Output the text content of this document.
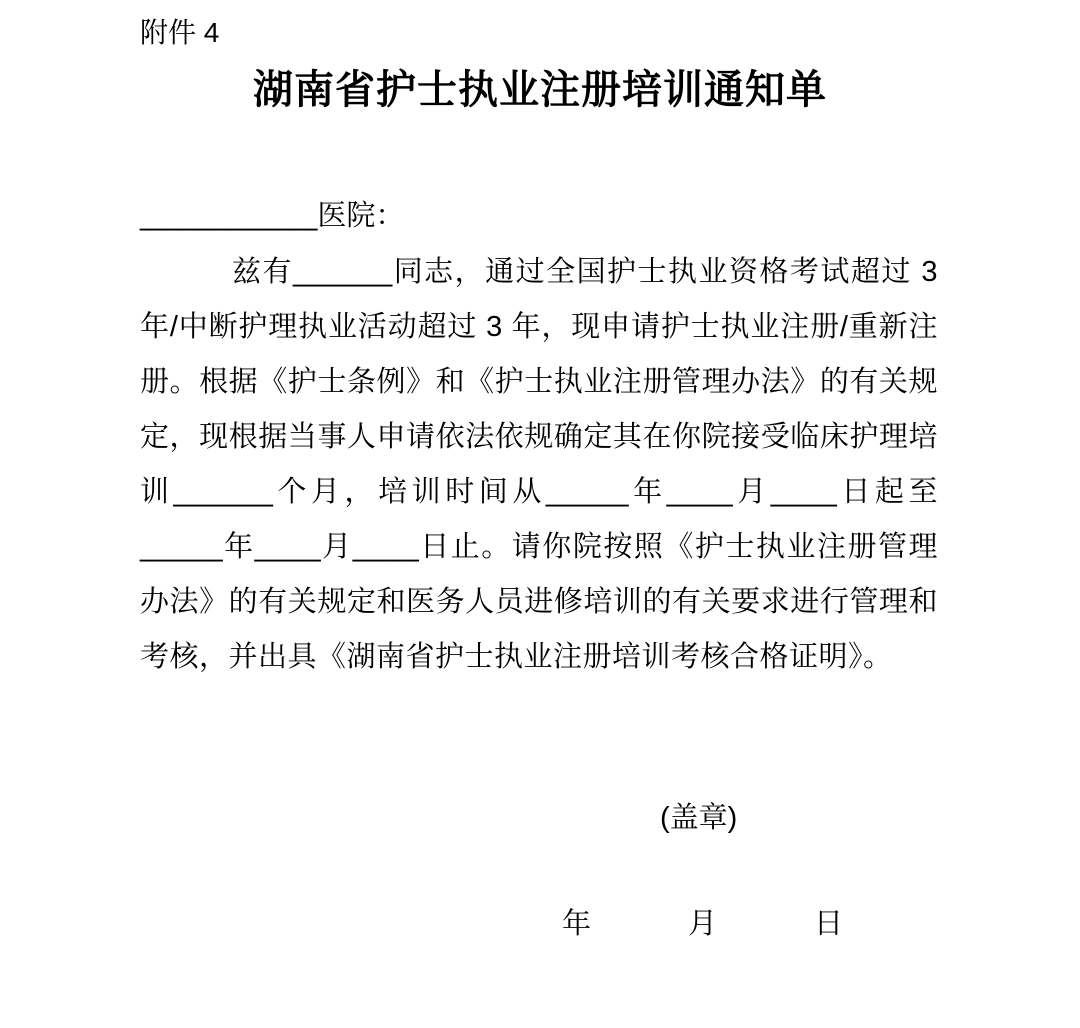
附件 4
湖南省护士执业注册培训通知单
___________医院：

兹有______同志，通过全国护士执业资格考试超过 3 年/中断护理执业活动超过 3 年，现申请护士执业注册/重新注册。根据《护士条例》和《护士执业注册管理办法》的有关规定，现根据当事人申请依法依规确定其在你院接受临床护理培训______个月，培训时间从_____年____月____日起至_____年____月____日止。请你院按照《护士执业注册管理办法》的有关规定和医务人员进修培训的有关要求进行管理和考核，并出具《湖南省护士执业注册培训考核合格证明》。

(盖章)
年	月	日
